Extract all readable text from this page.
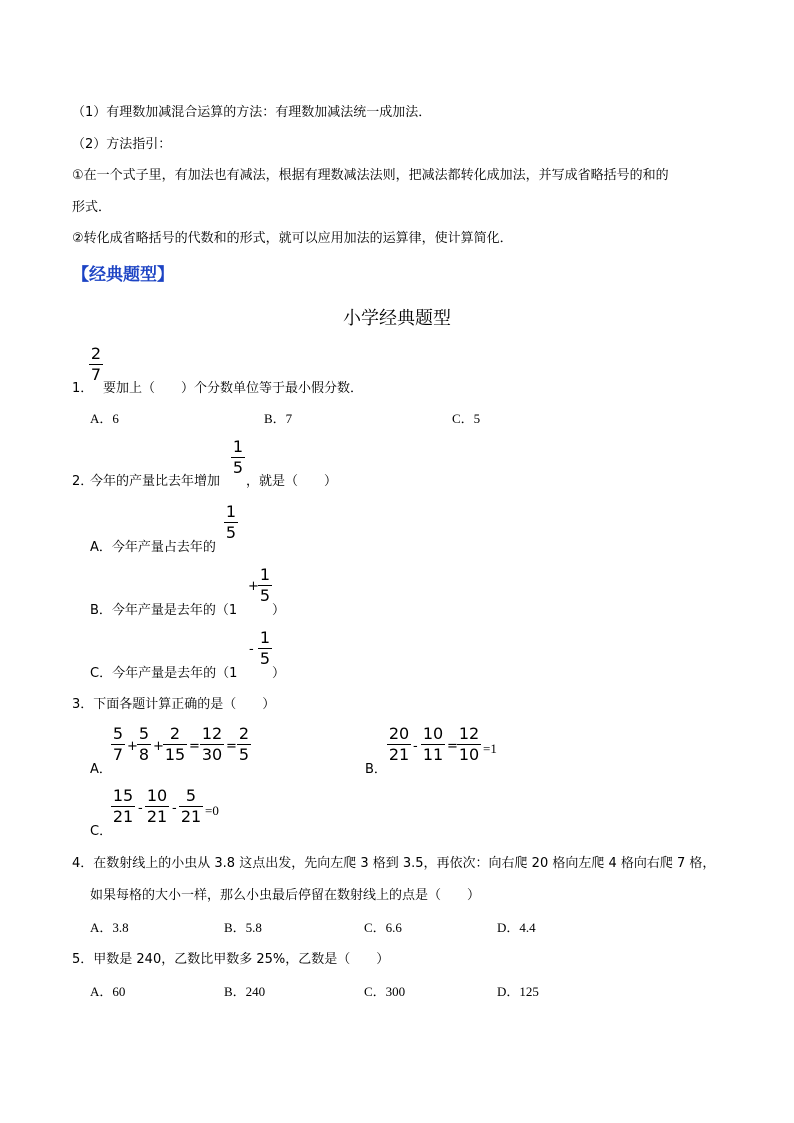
（1）有理数加减混合运算的方法：有理数加减法统一成加法．
（2）方法指引：
①在一个式子里，有加法也有减法，根据有理数减法法则，把减法都转化成加法，并写成省略括号的和的
形式．
②转化成省略括号的代数和的形式，就可以应用加法的运算律，使计算简化．
【经典题型】
小学经典题型
1．
2
7
要加上（　　）个分数单位等于最小假分数．
A．6	B．7	C．5
2．
今年的产量比去年增加
1
5
，就是（　　）
A．今年产量占去年的
1
5
B．今年产量是去年的（1
+
1
5
）
C．今年产量是去年的（1
-
1
5
）
3．下面各题计算正确的是（　　）
A．
5
7 +
5
8 +
2
15 =
12
30 =
2
5
B．
20
21 -
10
11 =
12
10 =1
C．
15
21 -
10
21 -
5
21 =0
4．在数射线上的小虫从 3.8 这点出发，先向左爬 3 格到 3.5，再依次：向右爬 20 格向左爬 4 格向右爬 7 格，
如果每格的大小一样，那么小虫最后停留在数射线上的点是（　　）
A．3.8	B．5.8	C．6.6	D．4.4
5．甲数是 240，乙数比甲数多 25%，乙数是（　　）
A．60	B．240	C．300	D．125
